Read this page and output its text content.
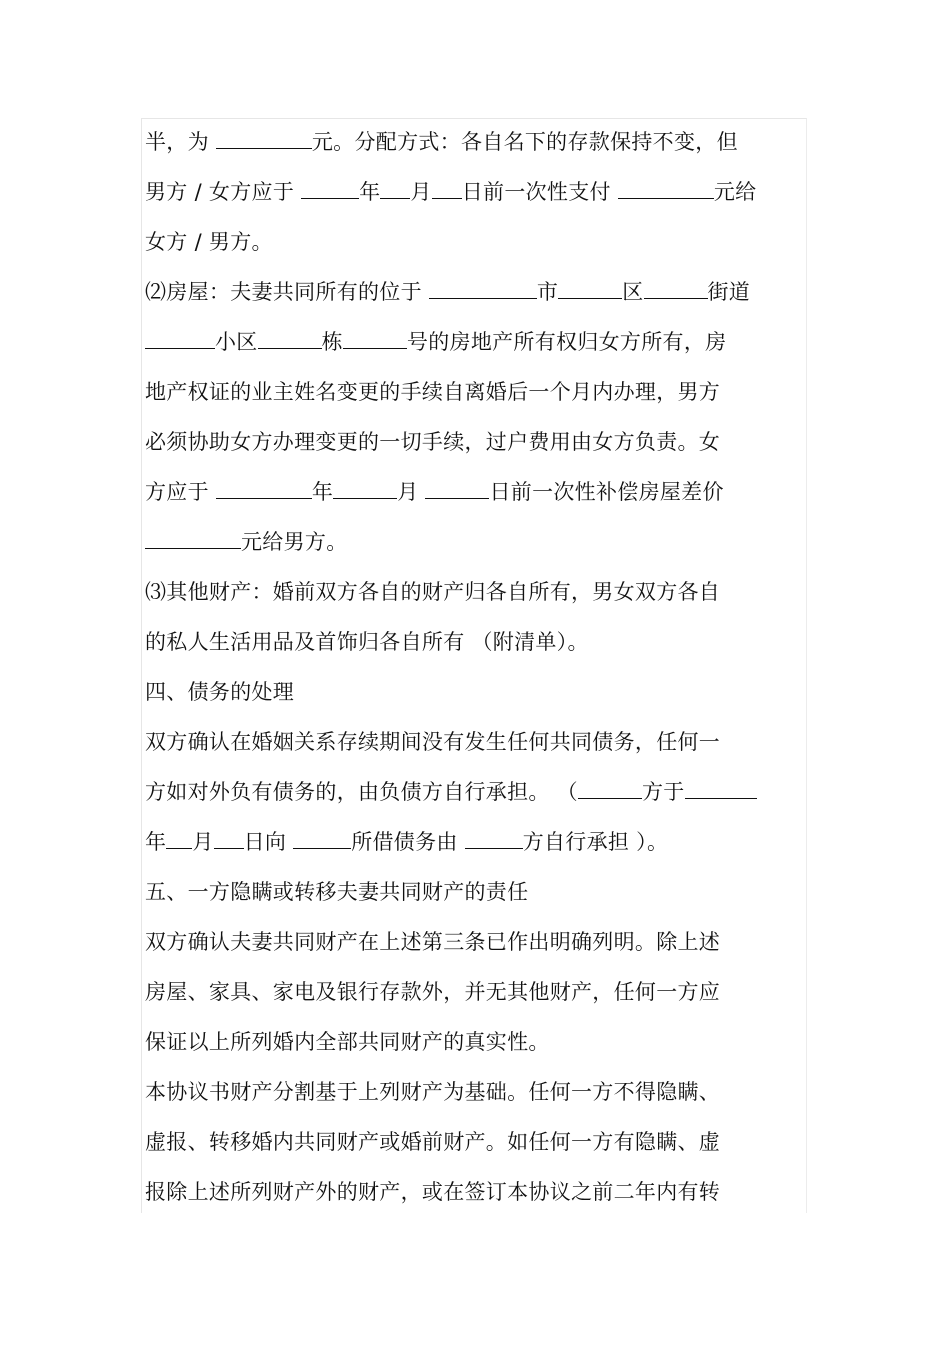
半，为	元。分配方式：各自名下的存款保持不变，但
男方 / 女方应于	年 月 日前一次性支付	元给
女方 / 男方。
⑵房屋：夫妻共同所有的位于	市	区	街道
小区	栋	号的房地产所有权归女方所有，房
地产权证的业主姓名变更的手续自离婚后一个月内办理，男方
必须协助女方办理变更的一切手续，过户费用由女方负责。女
方应于	年	月	日前一次性补偿房屋差价
元给男方。
⑶其他财产：婚前双方各自的财产归各自所有，男女双方各自
的私人生活用品及首饰归各自所有 （附清单）。
四、债务的处理
双方确认在婚姻关系存续期间没有发生任何共同债务，任何一
方如对外负有债务的，由负债方自行承担。 （	方于
年 月 日向	所借债务由	方自行承担 ）。
五、一方隐瞒或转移夫妻共同财产的责任
双方确认夫妻共同财产在上述第三条已作出明确列明。除上述
房屋、家具、家电及银行存款外，并无其他财产，任何一方应
保证以上所列婚内全部共同财产的真实性。
本协议书财产分割基于上列财产为基础。任何一方不得隐瞒、
虚报、转移婚内共同财产或婚前财产。如任何一方有隐瞒、虚
报除上述所列财产外的财产，或在签订本协议之前二年内有转
